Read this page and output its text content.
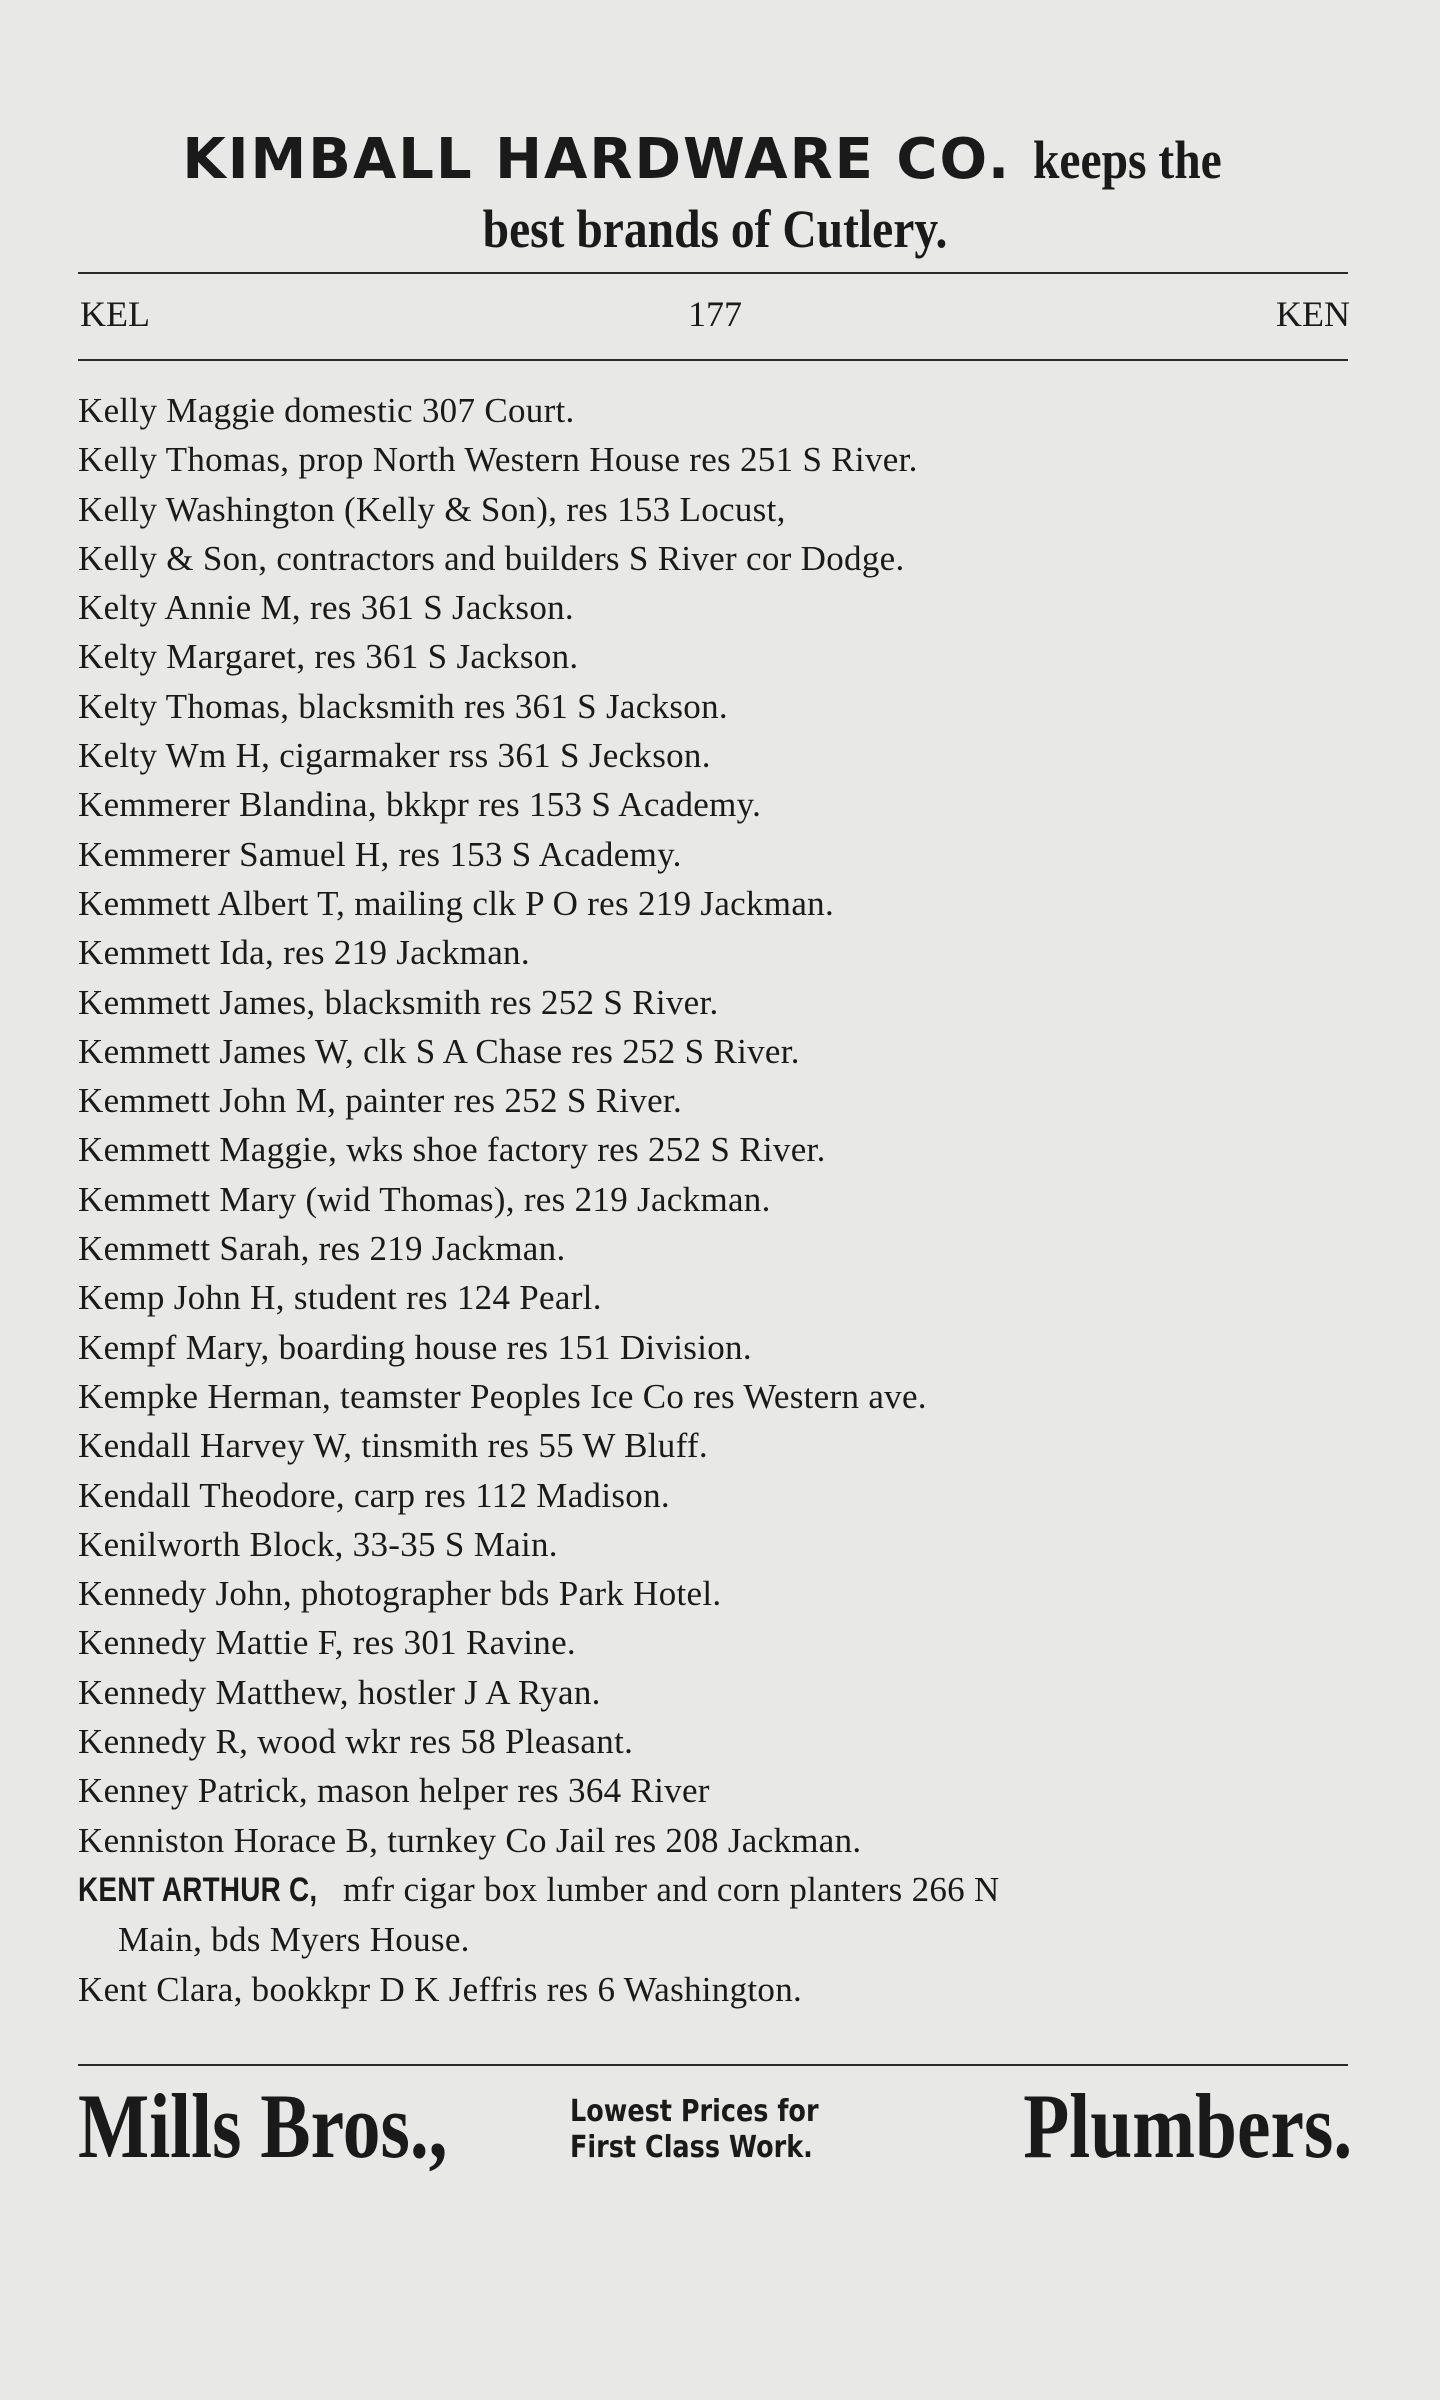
KIMBALL HARDWARE CO. keeps the
best brands of Cutlery.
KEL	177	KEN
Kelly Maggie domestic 307 Court.
Kelly Thomas, prop North Western House res 251 S River.
Kelly Washington (Kelly & Son), res 153 Locust,
Kelly & Son, contractors and builders S River cor Dodge.
Kelty Annie M, res 361 S Jackson.
Kelty Margaret, res 361 S Jackson.
Kelty Thomas, blacksmith res 361 S Jackson.
Kelty Wm H, cigarmaker rss 361 S Jeckson.
Kemmerer Blandina, bkkpr res 153 S Academy.
Kemmerer Samuel H, res 153 S Academy.
Kemmett Albert T, mailing clk P O res 219 Jackman.
Kemmett Ida, res 219 Jackman.
Kemmett James, blacksmith res 252 S River.
Kemmett James W, clk S A Chase res 252 S River.
Kemmett John M, painter res 252 S River.
Kemmett Maggie, wks shoe factory res 252 S River.
Kemmett Mary (wid Thomas), res 219 Jackman.
Kemmett Sarah, res 219 Jackman.
Kemp John H, student res 124 Pearl.
Kempf Mary, boarding house res 151 Division.
Kempke Herman, teamster Peoples Ice Co res Western ave.
Kendall Harvey W, tinsmith res 55 W Bluff.
Kendall Theodore, carp res 112 Madison.
Kenilworth Block, 33-35 S Main.
Kennedy John, photographer bds Park Hotel.
Kennedy Mattie F, res 301 Ravine.
Kennedy Matthew, hostler J A Ryan.
Kennedy R, wood wkr res 58 Pleasant.
Kenney Patrick, mason helper res 364 River
Kenniston Horace B, turnkey Co Jail res 208 Jackman.
KENT ARTHUR C, mfr cigar box lumber and corn planters 266 N
Main, bds Myers House.
Kent Clara, bookkpr D K Jeffris res 6 Washington.
Mills Bros.,	Lowest Prices for
First Class Work. Plumbers.
